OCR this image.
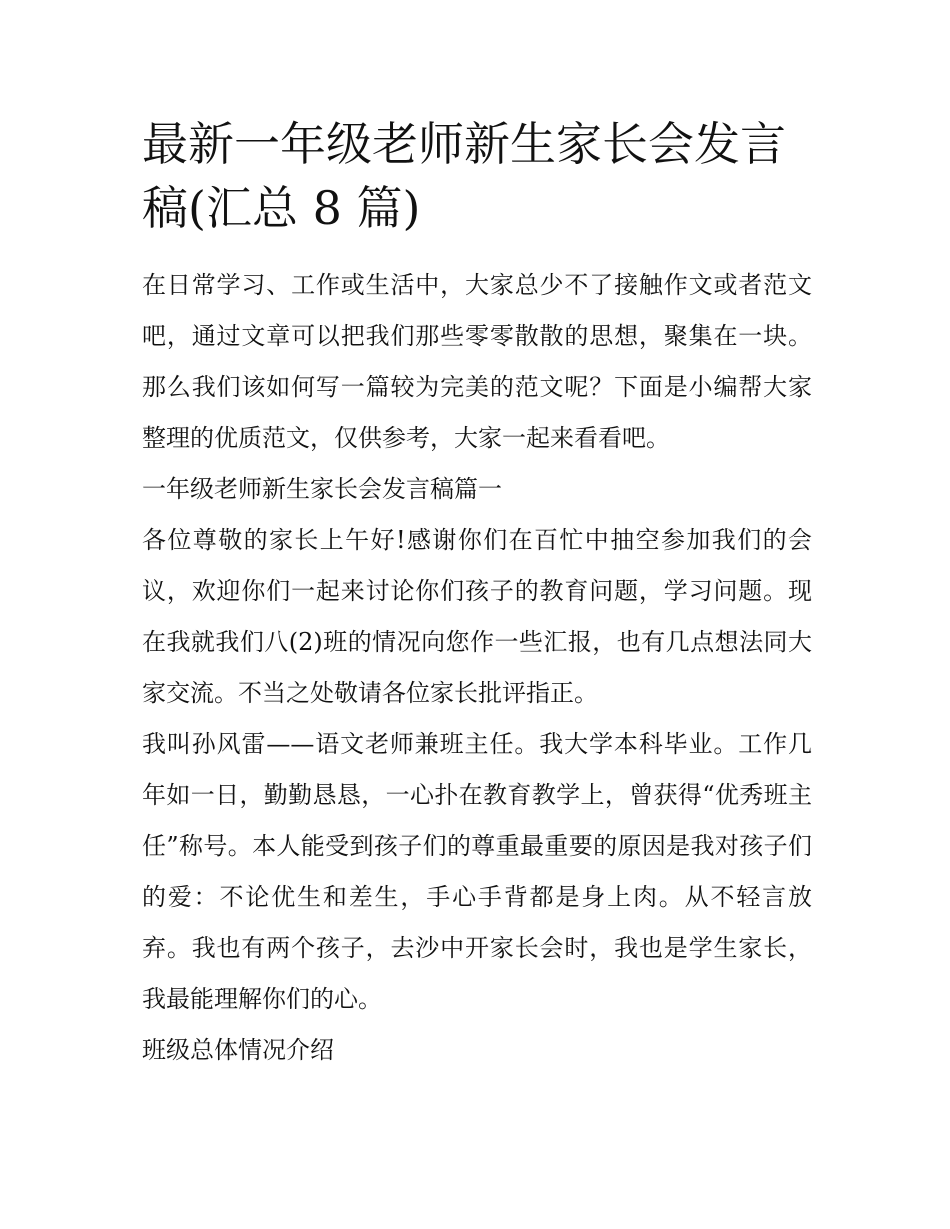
最新一年级老师新生家长会发言稿(汇总 8 篇)

在日常学习、工作或生活中，大家总少不了接触作文或者范文吧，通过文章可以把我们那些零零散散的思想，聚集在一块。那么我们该如何写一篇较为完美的范文呢？下面是小编帮大家整理的优质范文，仅供参考，大家一起来看看吧。

一年级老师新生家长会发言稿篇一

各位尊敬的家长上午好!感谢你们在百忙中抽空参加我们的会议，欢迎你们一起来讨论你们孩子的教育问题，学习问题。现在我就我们八(2)班的情况向您作一些汇报，也有几点想法同大家交流。不当之处敬请各位家长批评指正。

我叫孙风雷——语文老师兼班主任。我大学本科毕业。工作几年如一日，勤勤恳恳，一心扑在教育教学上，曾获得“优秀班主任”称号。本人能受到孩子们的尊重最重要的原因是我对孩子们的爱：不论优生和差生，手心手背都是身上肉。从不轻言放弃。我也有两个孩子，去沙中开家长会时，我也是学生家长，我最能理解你们的心。

班级总体情况介绍
